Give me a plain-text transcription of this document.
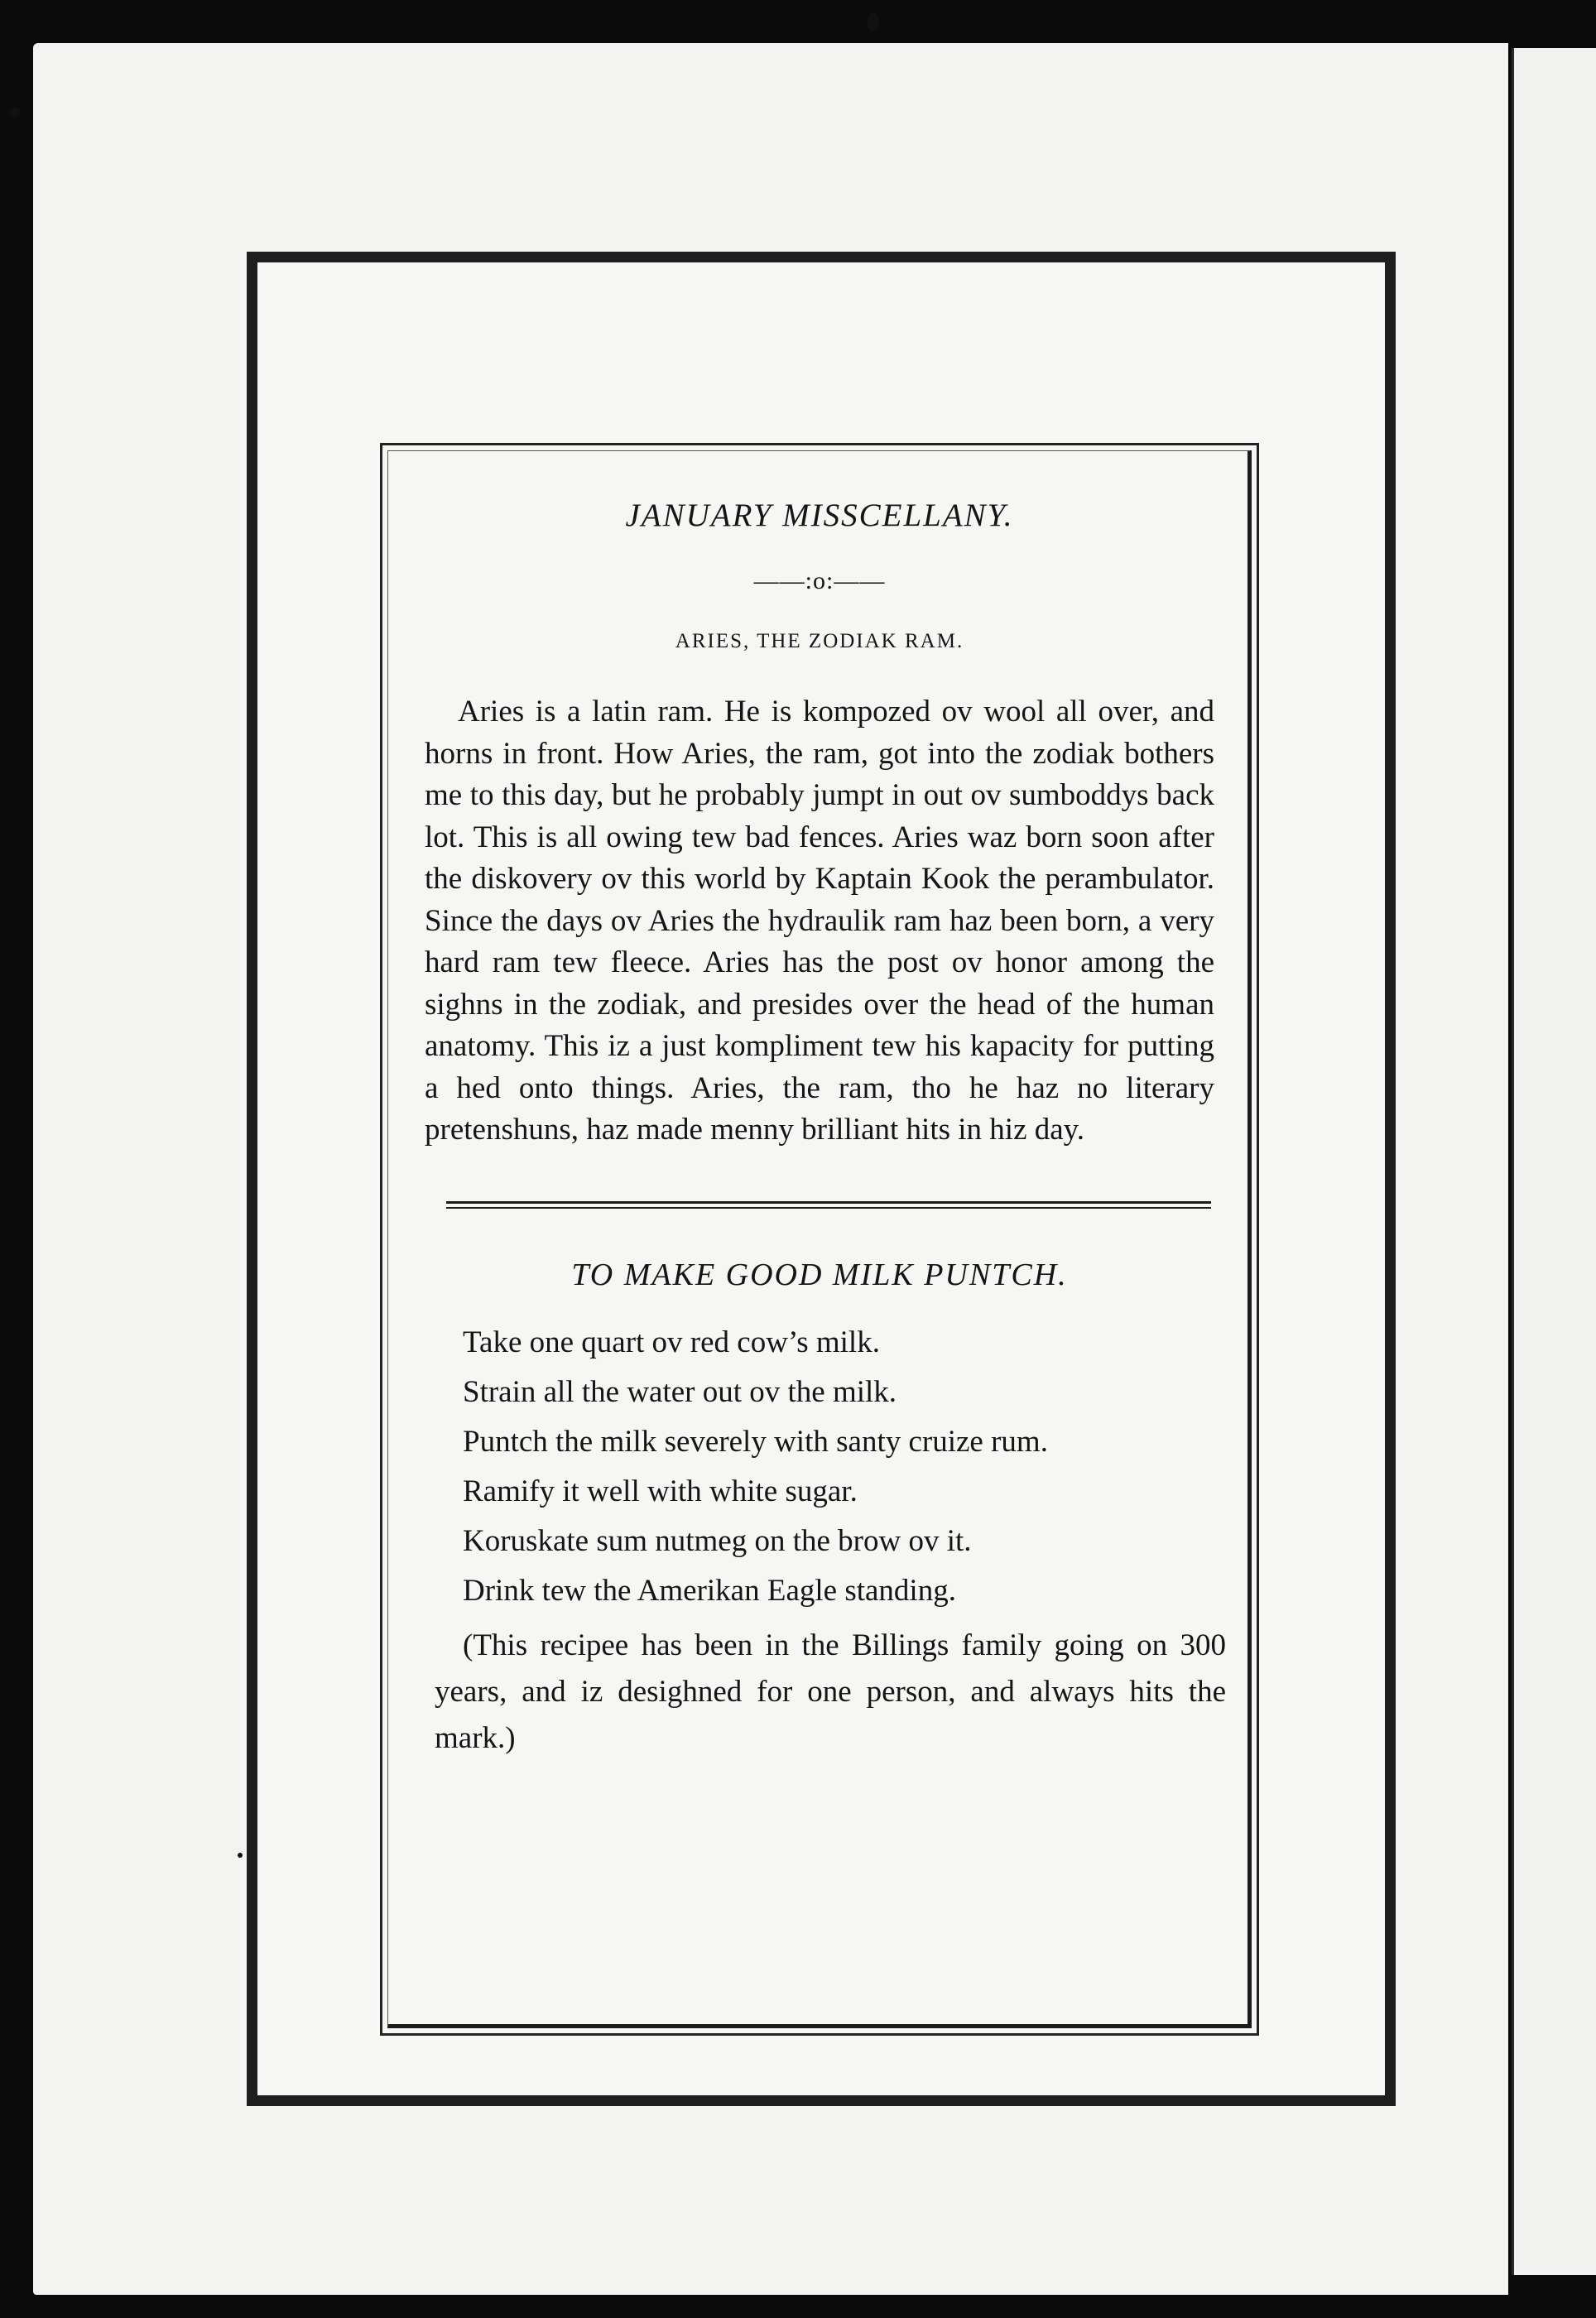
JANUARY MISSCELLANY.
——:o:——
ARIES, THE ZODIAK RAM.

Aries is a latin ram. He is kompozed ov wool all over, and horns in front. How Aries, the ram, got into the zodiak bothers me to this day, but he probably jumpt in out ov sumboddys back lot. This is all owing tew bad fences. Aries waz born soon after the diskovery ov this world by Kaptain Kook the perambulator. Since the days ov Aries the hydraulik ram haz been born, a very hard ram tew fleece. Aries has the post ov honor among the sighns in the zodiak, and presides over the head of the human anatomy. This iz a just kompliment tew his kapacity for putting a hed onto things. Aries, the ram, tho he haz no literary pretenshuns, haz made menny brilliant hits in hiz day.

TO MAKE GOOD MILK PUNTCH.
Take one quart ov red cow’s milk.
Strain all the water out ov the milk.
Puntch the milk severely with santy cruize rum.
Ramify it well with white sugar.
Koruskate sum nutmeg on the brow ov it.
Drink tew the Amerikan Eagle standing.

(This recipee has been in the Billings family going on 300 years, and iz desighned for one person, and always hits the mark.)
